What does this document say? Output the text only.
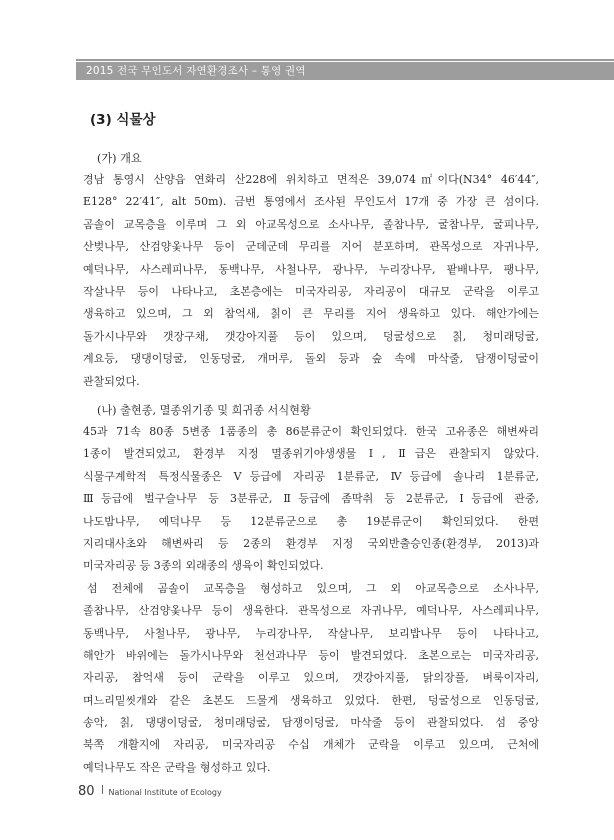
2015 전국 무인도서 자연환경조사 – 통영 권역
(3) 식물상
(가) 개요
경남 통영시 산양읍 연화리 산228에 위치하고 면적은 39,074㎡이다(N34° 46′44″,
E128° 22′41″, alt 50m). 금번 통영에서 조사된 무인도서 17개 중 가장 큰 섬이다.
곰솔이 교목층을 이루며 그 외 아교목성으로 소사나무, 졸참나무, 굴참나무, 굴피나무,
산벚나무, 산검양옻나무 등이 군데군데 무리를 지어 분포하며, 관목성으로 자귀나무,
예덕나무, 사스레피나무, 동백나무, 사철나무, 광나무, 누리장나무, 팥배나무, 팽나무,
작살나무 등이 나타나고, 초본층에는 미국자리공, 자리공이 대규모 군락을 이루고
생육하고 있으며, 그 외 참억새, 칡이 큰 무리를 지어 생육하고 있다. 해안가에는
돌가시나무와 갯장구채, 갯강아지풀 등이 있으며, 덩굴성으로 칡, 청미래덩굴,
계요등, 댕댕이덩굴, 인동덩굴, 개머루, 돌외 등과 숲 속에 마삭줄, 담쟁이덩굴이
관찰되었다.
(나) 출현종, 멸종위기종 및 희귀종 서식현황
45과 71속 80종 5변종 1품종의 총 86분류군이 확인되었다. 한국 고유종은 해변싸리
1종이 발견되었고, 환경부 지정 멸종위기야생생물 Ⅰ, Ⅱ급은 관찰되지 않았다.
식물구계학적 특정식물종은 Ⅴ등급에 자리공 1분류군, Ⅳ등급에 솔나리 1분류군,
Ⅲ등급에 벌구슬나무 등 3분류군, Ⅱ등급에 좀딱취 등 2분류군, Ⅰ등급에 관중,
나도밤나무, 예덕나무 등 12분류군으로 총 19분류군이 확인되었다. 한편
지리대사초와 해변싸리 등 2종의 환경부 지정 국외반출승인종(환경부, 2013)과
미국자리공 등 3종의 외래종의 생육이 확인되었다.
섬 전체에 곰솔이 교목층을 형성하고 있으며, 그 외 아교목층으로 소사나무,
졸참나무, 산검양옻나무 등이 생육한다. 관목성으로 자귀나무, 예덕나무, 사스레피나무,
동백나무, 사철나무, 광나무, 누리장나무, 작살나무, 보리밥나무 등이 나타나고,
해안가 바위에는 돌가시나무와 천선과나무 등이 발견되었다. 초본으로는 미국자리공,
자리공, 참억새 등이 군락을 이루고 있으며, 갯강아지풀, 닭의장풀, 벼룩이자리,
며느리밑씻개와 같은 초본도 드물게 생육하고 있었다. 한편, 덩굴성으로 인동덩굴,
송악, 칡, 댕댕이덩굴, 청미래덩굴, 담쟁이덩굴, 마삭줄 등이 관찰되었다. 섬 중앙
북쪽 개활지에 자리공, 미국자리공 수십 개체가 군락을 이루고 있으며, 근처에
예덕나무도 작은 군락을 형성하고 있다.
80 National Institute of Ecology
